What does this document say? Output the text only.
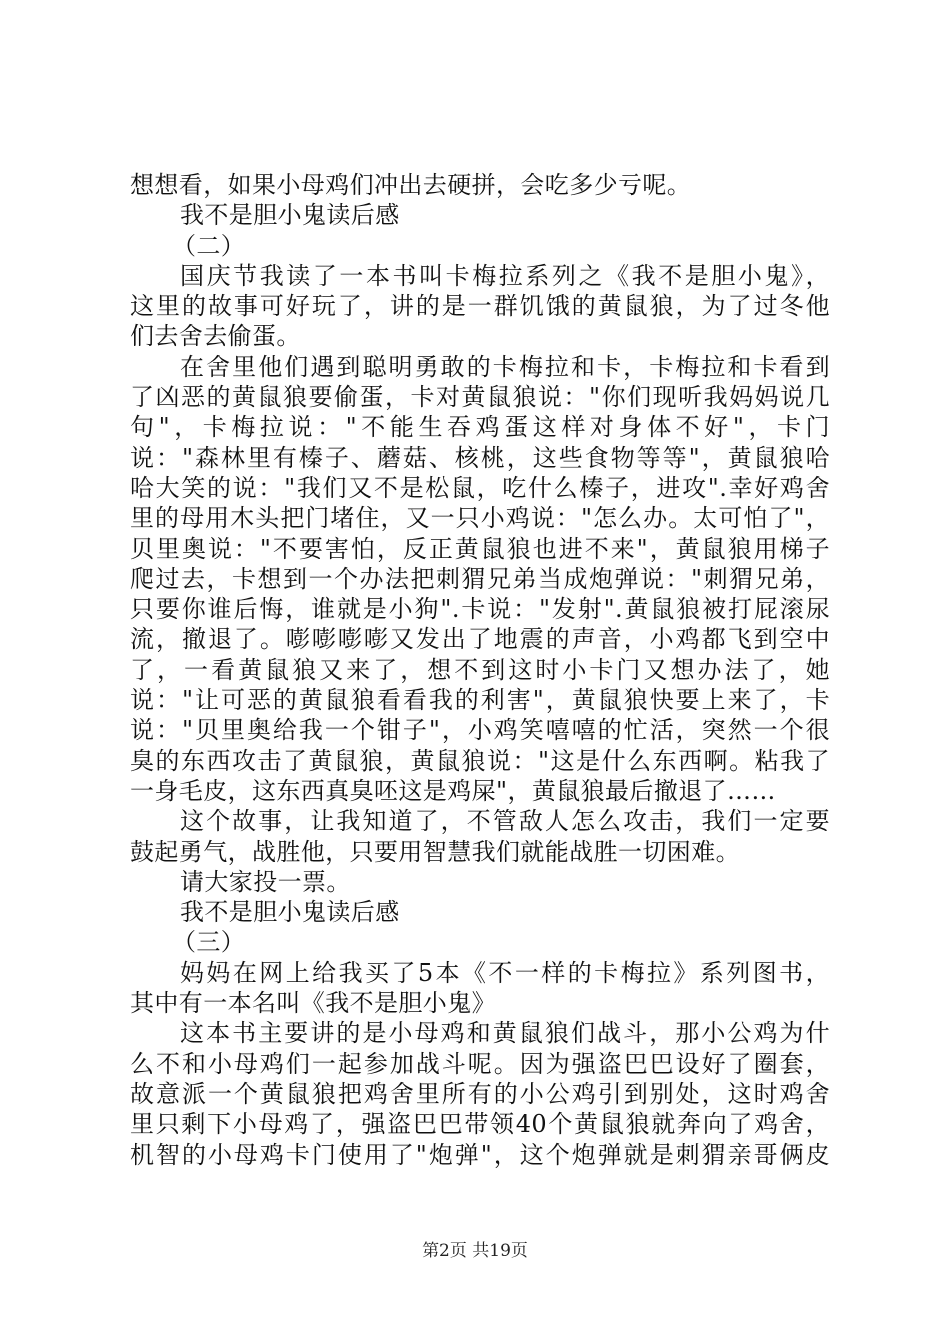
想想看，如果小母鸡们冲出去硬拼，会吃多少亏呢。
我不是胆小鬼读后感
（二）
国庆节我读了一本书叫卡梅拉系列之《我不是胆小鬼》，
这里的故事可好玩了，讲的是一群饥饿的黄鼠狼，为了过冬他
们去舍去偷蛋。
在舍里他们遇到聪明勇敢的卡梅拉和卡，卡梅拉和卡看到
了凶恶的黄鼠狼要偷蛋，卡对黄鼠狼说："你们现听我妈妈说几
句"，卡梅拉说："不能生吞鸡蛋这样对身体不好"，卡门
说："森林里有榛子、蘑菇、核桃，这些食物等等"，黄鼠狼哈
哈大笑的说："我们又不是松鼠，吃什么榛子，进攻".幸好鸡舍
里的母用木头把门堵住，又一只小鸡说："怎么办。太可怕了"，
贝里奥说："不要害怕，反正黄鼠狼也进不来"，黄鼠狼用梯子
爬过去，卡想到一个办法把刺猬兄弟当成炮弹说："刺猬兄弟，
只要你谁后悔，谁就是小狗".卡说："发射".黄鼠狼被打屁滚尿
流，撤退了。嘭嘭嘭嘭又发出了地震的声音，小鸡都飞到空中
了，一看黄鼠狼又来了，想不到这时小卡门又想办法了，她
说："让可恶的黄鼠狼看看我的利害"，黄鼠狼快要上来了，卡
说："贝里奥给我一个钳子"，小鸡笑嘻嘻的忙活，突然一个很
臭的东西攻击了黄鼠狼，黄鼠狼说："这是什么东西啊。粘我了
一身毛皮，这东西真臭呸这是鸡屎"，黄鼠狼最后撤退了……
这个故事，让我知道了，不管敌人怎么攻击，我们一定要
鼓起勇气，战胜他，只要用智慧我们就能战胜一切困难。
请大家投一票。
我不是胆小鬼读后感
（三）
妈妈在网上给我买了5本《不一样的卡梅拉》系列图书，
其中有一本名叫《我不是胆小鬼》
这本书主要讲的是小母鸡和黄鼠狼们战斗，那小公鸡为什
么不和小母鸡们一起参加战斗呢。因为强盗巴巴设好了圈套，
故意派一个黄鼠狼把鸡舍里所有的小公鸡引到别处，这时鸡舍
里只剩下小母鸡了，强盗巴巴带领40个黄鼠狼就奔向了鸡舍，
机智的小母鸡卡门使用了"炮弹"，这个炮弹就是刺猬亲哥俩皮
第2页 共19页
